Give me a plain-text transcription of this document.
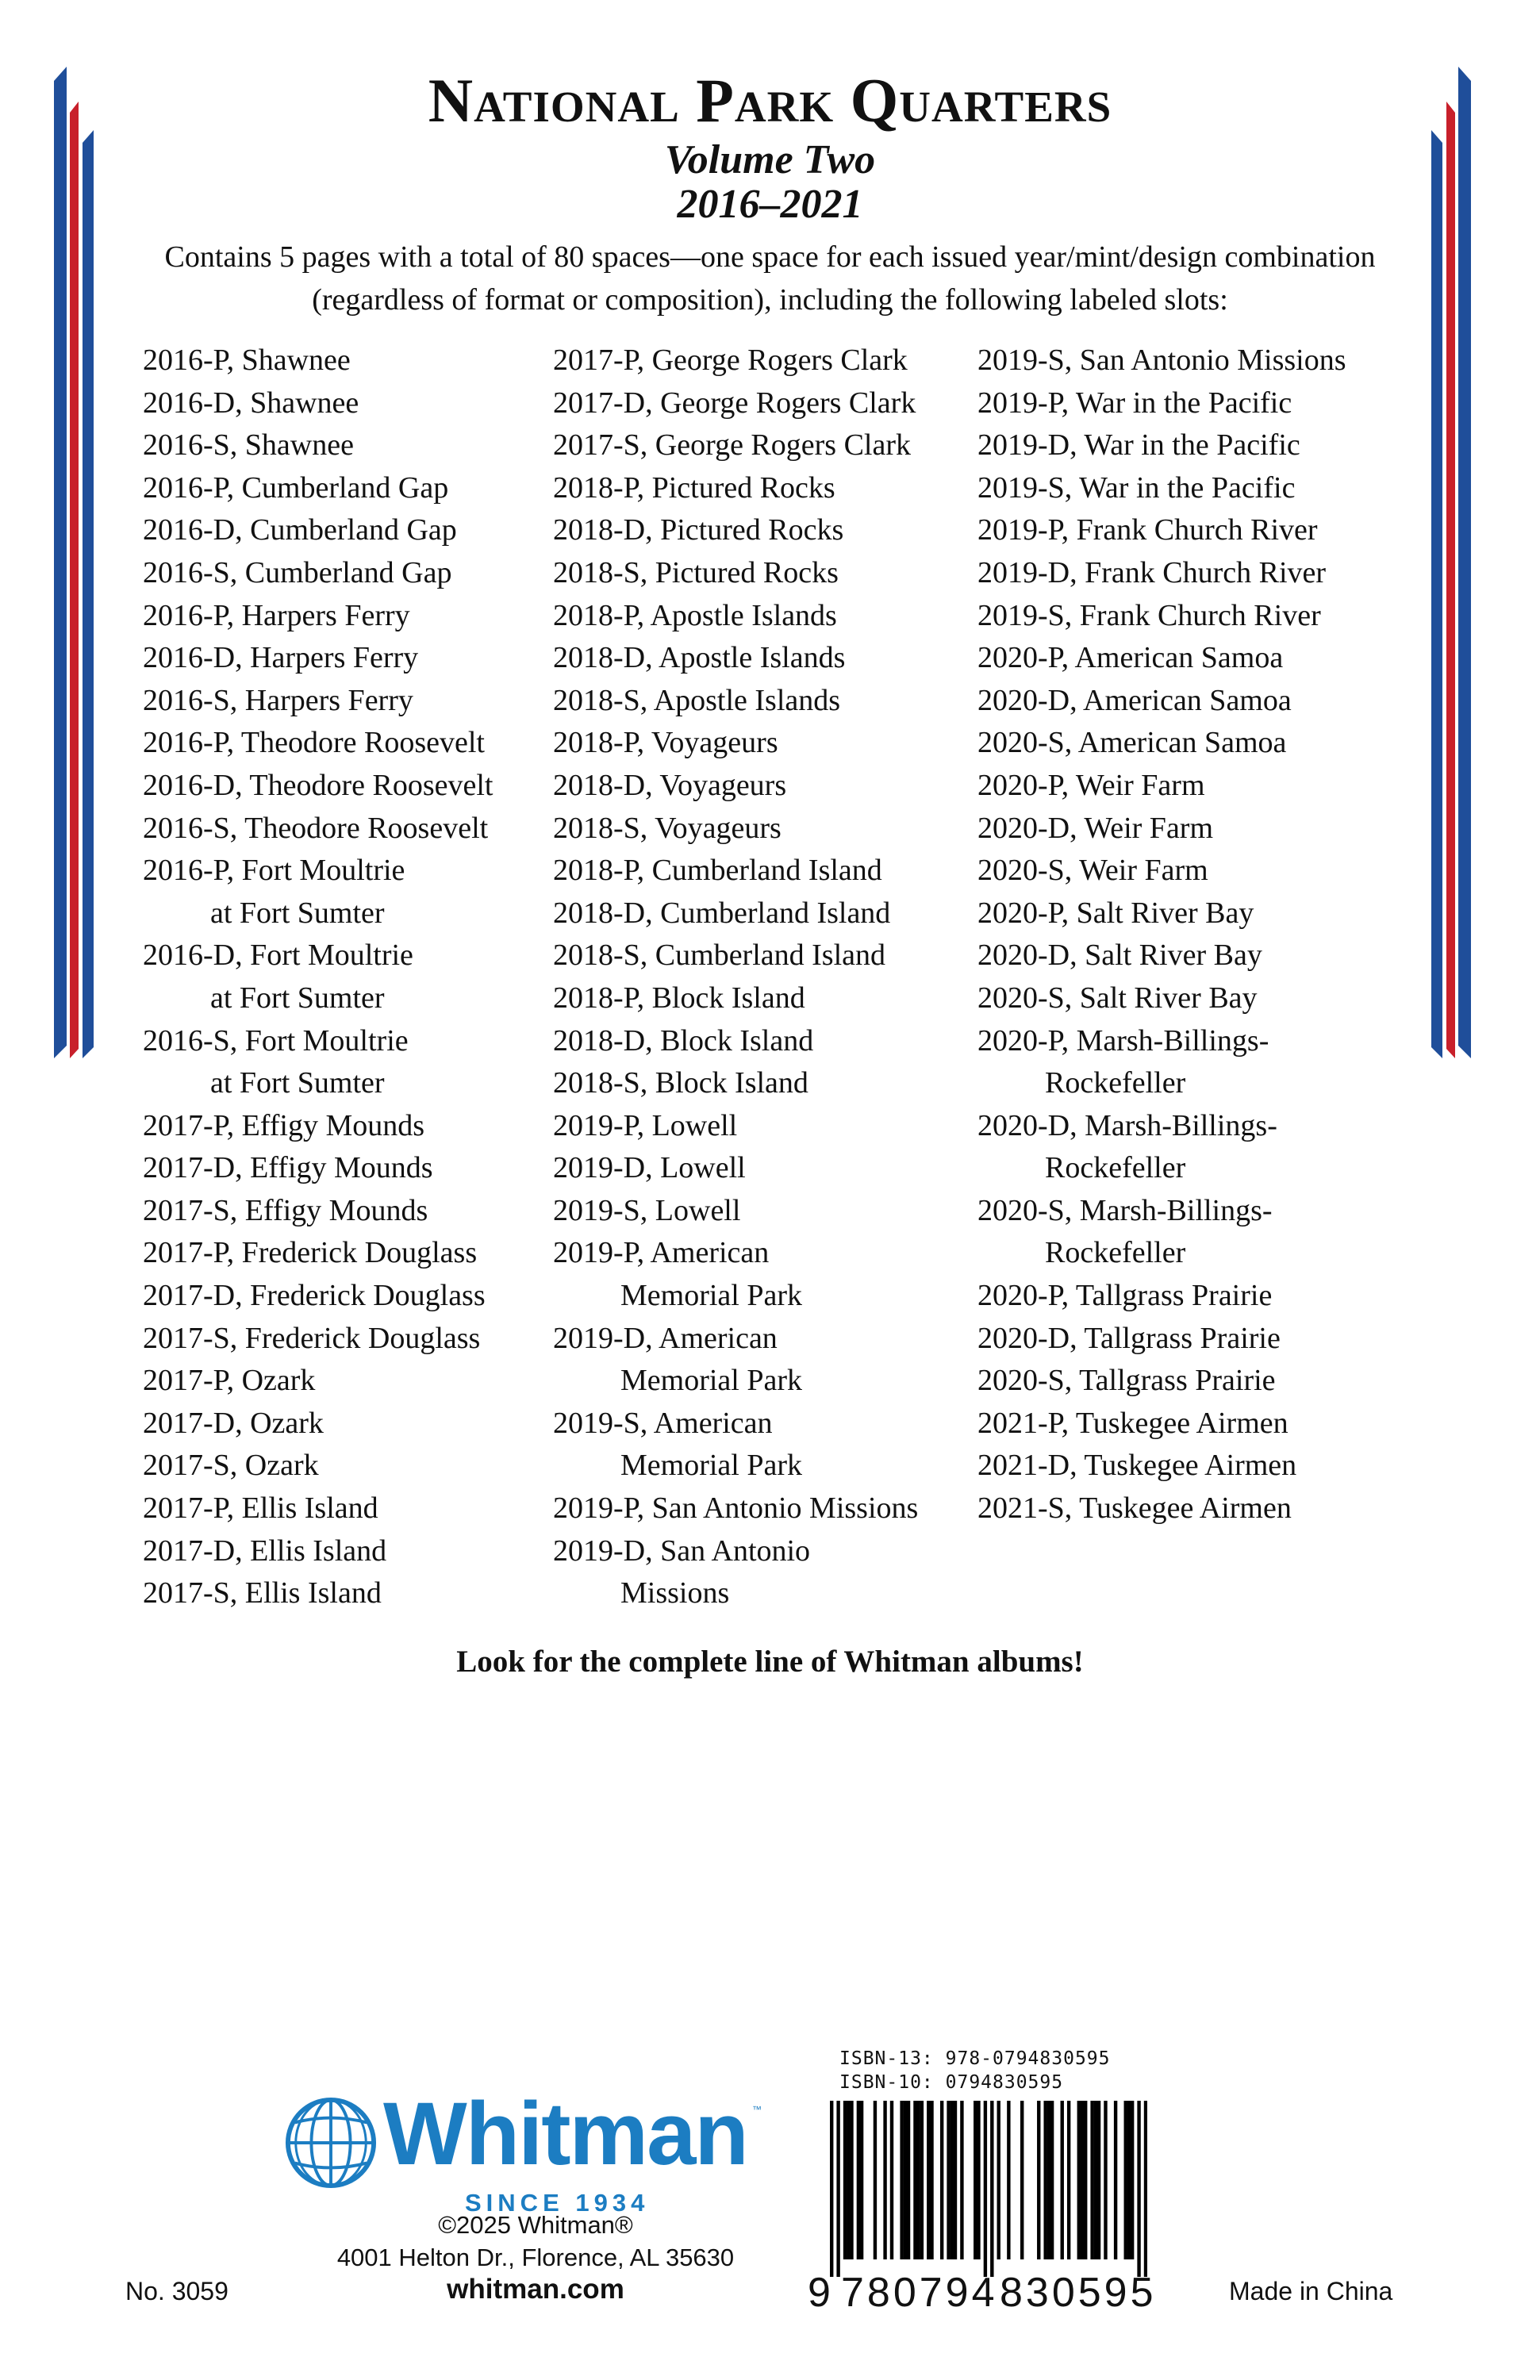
National Park Quarters
Volume Two
2016–2021

Contains 5 pages with a total of 80 spaces—one space for each issued year/mint/design combination (regardless of format or composition), including the following labeled slots:

2016-P, Shawnee
2016-D, Shawnee
2016-S, Shawnee
2016-P, Cumberland Gap
2016-D, Cumberland Gap
2016-S, Cumberland Gap
2016-P, Harpers Ferry
2016-D, Harpers Ferry
2016-S, Harpers Ferry
2016-P, Theodore Roosevelt
2016-D, Theodore Roosevelt
2016-S, Theodore Roosevelt
2016-P, Fort Moultrie
at Fort Sumter
2016-D, Fort Moultrie
at Fort Sumter
2016-S, Fort Moultrie
at Fort Sumter
2017-P, Effigy Mounds
2017-D, Effigy Mounds
2017-S, Effigy Mounds
2017-P, Frederick Douglass
2017-D, Frederick Douglass
2017-S, Frederick Douglass
2017-P, Ozark
2017-D, Ozark
2017-S, Ozark
2017-P, Ellis Island
2017-D, Ellis Island
2017-S, Ellis Island
2017-P, George Rogers Clark
2017-D, George Rogers Clark
2017-S, George Rogers Clark
2018-P, Pictured Rocks
2018-D, Pictured Rocks
2018-S, Pictured Rocks
2018-P, Apostle Islands
2018-D, Apostle Islands
2018-S, Apostle Islands
2018-P, Voyageurs
2018-D, Voyageurs
2018-S, Voyageurs
2018-P, Cumberland Island
2018-D, Cumberland Island
2018-S, Cumberland Island
2018-P, Block Island
2018-D, Block Island
2018-S, Block Island
2019-P, Lowell
2019-D, Lowell
2019-S, Lowell
2019-P, American
Memorial Park
2019-D, American
Memorial Park
2019-S, American
Memorial Park
2019-P, San Antonio Missions
2019-D, San Antonio
Missions
2019-S, San Antonio Missions
2019-P, War in the Pacific
2019-D, War in the Pacific
2019-S, War in the Pacific
2019-P, Frank Church River
2019-D, Frank Church River
2019-S, Frank Church River
2020-P, American Samoa
2020-D, American Samoa
2020-S, American Samoa
2020-P, Weir Farm
2020-D, Weir Farm
2020-S, Weir Farm
2020-P, Salt River Bay
2020-D, Salt River Bay
2020-S, Salt River Bay
2020-P, Marsh-Billings-
Rockefeller
2020-D, Marsh-Billings-
Rockefeller
2020-S, Marsh-Billings-
Rockefeller
2020-P, Tallgrass Prairie
2020-D, Tallgrass Prairie
2020-S, Tallgrass Prairie
2021-P, Tuskegee Airmen
2021-D, Tuskegee Airmen
2021-S, Tuskegee Airmen
Look for the complete line of Whitman albums!
Whitman ™
SINCE 1934
©2025 Whitman®
4001 Helton Dr., Florence, AL 35630
whitman.com
No. 3059	Made in China
ISBN-13: 978-0794830595
ISBN-10: 0794830595
9 780794 830595
